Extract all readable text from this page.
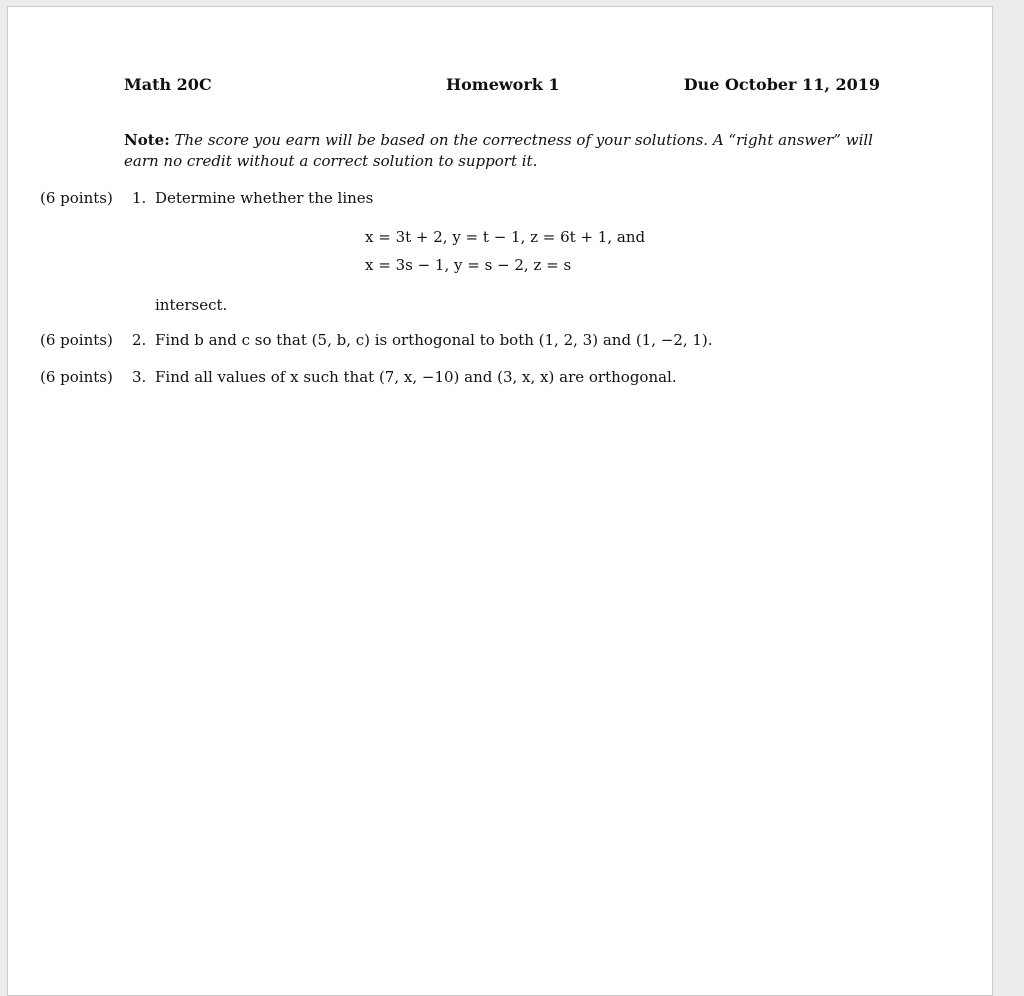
Math 20C	Homework 1	Due October 11, 2019
Note: The score you earn will be based on the correctness of your solutions. A “right answer” will earn no credit without a correct solution to support it.
(6 points) 1. Determine whether the lines
x = 3t + 2, y = t − 1, z = 6t + 1, and
x = 3s − 1, y = s − 2, z = s
intersect.
(6 points) 2. Find b and c so that (5, b, c) is orthogonal to both (1, 2, 3) and (1, −2, 1).
(6 points) 3. Find all values of x such that (7, x, −10) and (3, x, x) are orthogonal.
